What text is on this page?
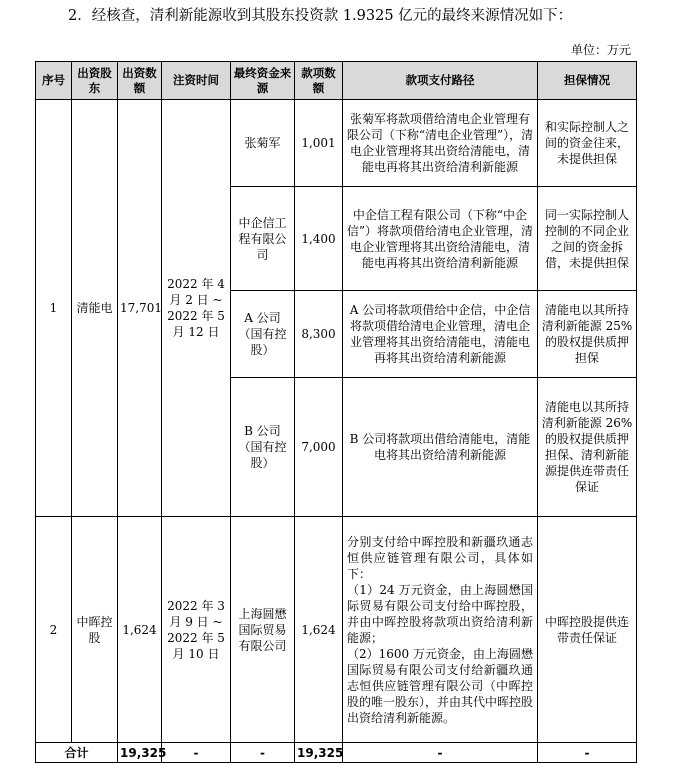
2．经核查，清利新能源收到其股东投资款 1.9325 亿元的最终来源情况如下：
单位：万元
序号	出资股东	出资数额	注资时间	最终资金来源	款项数额	款项支付路径	担保情况
1	清能电	17,701	2022 年 4 月 2 日 ~ 2022 年 5 月 12 日	张菊军	1,001	张菊军将款项借给清电企业管理有限公司（下称“清电企业管理”），清电企业管理将其出资给清能电，清能电再将其出资给清利新能源	和实际控制人之间的资金往来，未提供担保
				中企信工程有限公司	1,400	中企信工程有限公司（下称“中企信”）将款项借给清电企业管理，清电企业管理将其出资给清能电，清能电再将其出资给清利新能源	同一实际控制人控制的不同企业之间的资金拆借，未提供担保
				A 公司（国有控股）	8,300	A 公司将款项借给中企信，中企信将款项借给清电企业管理，清电企业管理将其出资给清能电，清能电再将其出资给清利新能源	清能电以其所持清利新能源 25%的股权提供质押担保
				B 公司（国有控股）	7,000	B 公司将款项出借给清能电，清能电将其出资给清利新能源	清能电以其所持清利新能源 26%的股权提供质押担保、清利新能源提供连带责任保证
2	中晖控股	1,624	2022 年 3 月 9 日 ~ 2022 年 5 月 10 日	上海圆懋国际贸易有限公司	1,624	分别支付给中晖控股和新疆玖通志恒供应链管理有限公司，具体如下：
（1）24 万元资金，由上海圆懋国际贸易有限公司支付给中晖控股，并由中晖控股将款项出资给清利新能源；
（2）1600 万元资金，由上海圆懋国际贸易有限公司支付给新疆玖通志恒供应链管理有限公司（中晖控股的唯一股东），并由其代中晖控股出资给清利新能源。	中晖控股提供连带责任保证
合计		19,325	-	-	19,325	-	-
